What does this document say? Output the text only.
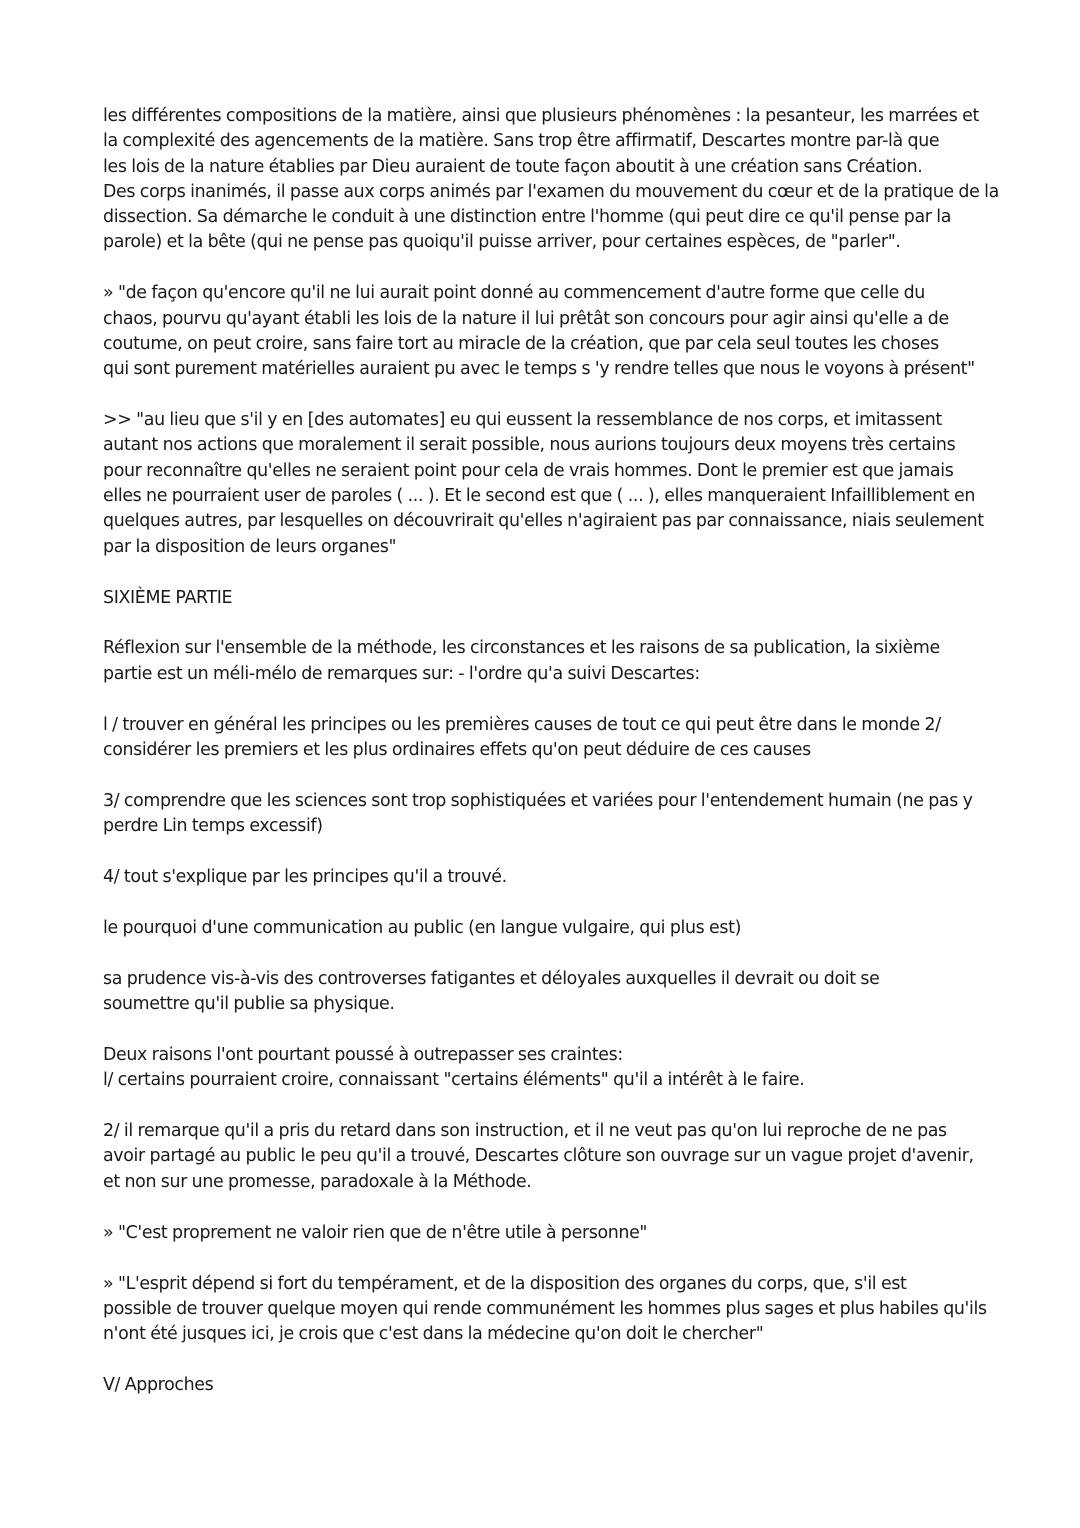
les différentes compositions de la matière, ainsi que plusieurs phénomènes : la pesanteur, les marrées et
la complexité des agencements de la matière. Sans trop être affirmatif, Descartes montre par-là que
les lois de la nature établies par Dieu auraient de toute façon aboutit à une création sans Création.
Des corps inanimés, il passe aux corps animés par l'examen du mouvement du cœur et de la pratique de la
dissection. Sa démarche le conduit à une distinction entre l'homme (qui peut dire ce qu'il pense par la
parole) et la bête (qui ne pense pas quoiqu'il puisse arriver, pour certaines espèces, de "parler".

» "de façon qu'encore qu'il ne lui aurait point donné au commencement d'autre forme que celle du
chaos, pourvu qu'ayant établi les lois de la nature il lui prêtât son concours pour agir ainsi qu'elle a de
coutume, on peut croire, sans faire tort au miracle de la création, que par cela seul toutes les choses
qui sont purement matérielles auraient pu avec le temps s 'y rendre telles que nous le voyons à présent"

>> "au lieu que s'il y en [des automates] eu qui eussent la ressemblance de nos corps, et imitassent
autant nos actions que moralement il serait possible, nous aurions toujours deux moyens très certains
pour reconnaître qu'elles ne seraient point pour cela de vrais hommes. Dont le premier est que jamais
elles ne pourraient user de paroles ( ... ). Et le second est que ( ... ), elles manqueraient Infailliblement en
quelques autres, par lesquelles on découvrirait qu'elles n'agiraient pas par connaissance, niais seulement
par la disposition de leurs organes"

SIXIÈME PARTIE

Réflexion sur l'ensemble de la méthode, les circonstances et les raisons de sa publication, la sixième
partie est un méli-mélo de remarques sur: - l'ordre qu'a suivi Descartes:

l / trouver en général les principes ou les premières causes de tout ce qui peut être dans le monde 2/
considérer les premiers et les plus ordinaires effets qu'on peut déduire de ces causes

3/ comprendre que les sciences sont trop sophistiquées et variées pour l'entendement humain (ne pas y
perdre Lin temps excessif)

4/ tout s'explique par les principes qu'il a trouvé.

le pourquoi d'une communication au public (en langue vulgaire, qui plus est)

sa prudence vis-à-vis des controverses fatigantes et déloyales auxquelles il devrait ou doit se
soumettre qu'il publie sa physique.

Deux raisons l'ont pourtant poussé à outrepasser ses craintes:
l/ certains pourraient croire, connaissant "certains éléments" qu'il a intérêt à le faire.

2/ il remarque qu'il a pris du retard dans son instruction, et il ne veut pas qu'on lui reproche de ne pas
avoir partagé au public le peu qu'il a trouvé, Descartes clôture son ouvrage sur un vague projet d'avenir,
et non sur une promesse, paradoxale à la Méthode.

» "C'est proprement ne valoir rien que de n'être utile à personne"

» "L'esprit dépend si fort du tempérament, et de la disposition des organes du corps, que, s'il est
possible de trouver quelque moyen qui rende communément les hommes plus sages et plus habiles qu'ils
n'ont été jusques ici, je crois que c'est dans la médecine qu'on doit le chercher"

V/ Approches
